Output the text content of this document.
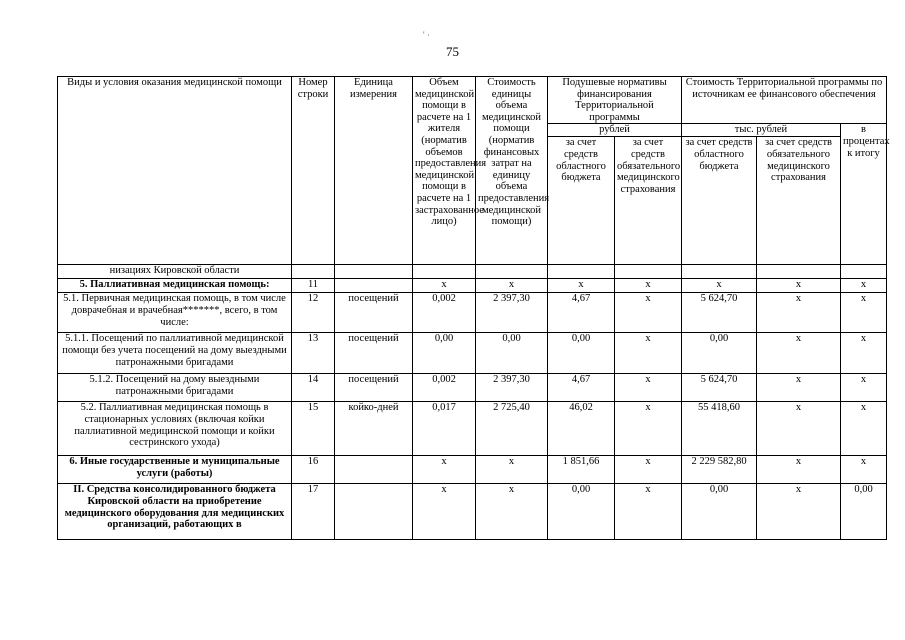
' ·
75
Виды и условия оказания медицинской помощи	Номер строки	Единица измерения	Объем медицинской помощи в расчете на 1 жителя (норматив объемов предоставления медицинской помощи в расчете на 1 застрахованное лицо)	Стоимость единицы объема медицинской помощи (норматив финансовых затрат на единицу объема предоставления медицинской помощи)	Подушевые нормативы финансирования Территориальной программы		Стоимость Территориальной программы по источникам ее финансового обеспечения		
					рублей		тыс. рублей		в процентах к итогу
					за счет средств областного бюджета	за счет средств обязательного медицинского страхования	за счет средств областного бюджета	за счет средств обязательного медицинского страхования	

низациях Кировской области									
5. Паллиативная медицинская помощь:	11		x	x	x	x	x	x	x
5.1. Первичная медицинская помощь, в том числе доврачебная и врачебная*******, всего, в том числе:	12	посещений	0,002	2 397,30	4,67	x	5 624,70	x	x
5.1.1. Посещений по паллиативной медицинской помощи без учета посещений на дому выездными патронажными бригадами	13	посещений	0,00	0,00	0,00	x	0,00	x	x
5.1.2. Посещений на дому выездными патронажными бригадами	14	посещений	0,002	2 397,30	4,67	x	5 624,70	x	x
5.2. Паллиативная медицинская помощь в стационарных условиях (включая койки паллиативной медицинской помощи и койки сестринского ухода)	15	койко-дней	0,017	2 725,40	46,02	x	55 418,60	x	x
6. Иные государственные и муниципальные услуги (работы)	16		x	x	1 851,66	x	2 229 582,80	x	x
II. Средства консолидированного бюджета Кировской области на приобретение медицинского оборудования для медицинских организаций, работающих в	17		x	x	0,00	x	0,00	x	0,00
